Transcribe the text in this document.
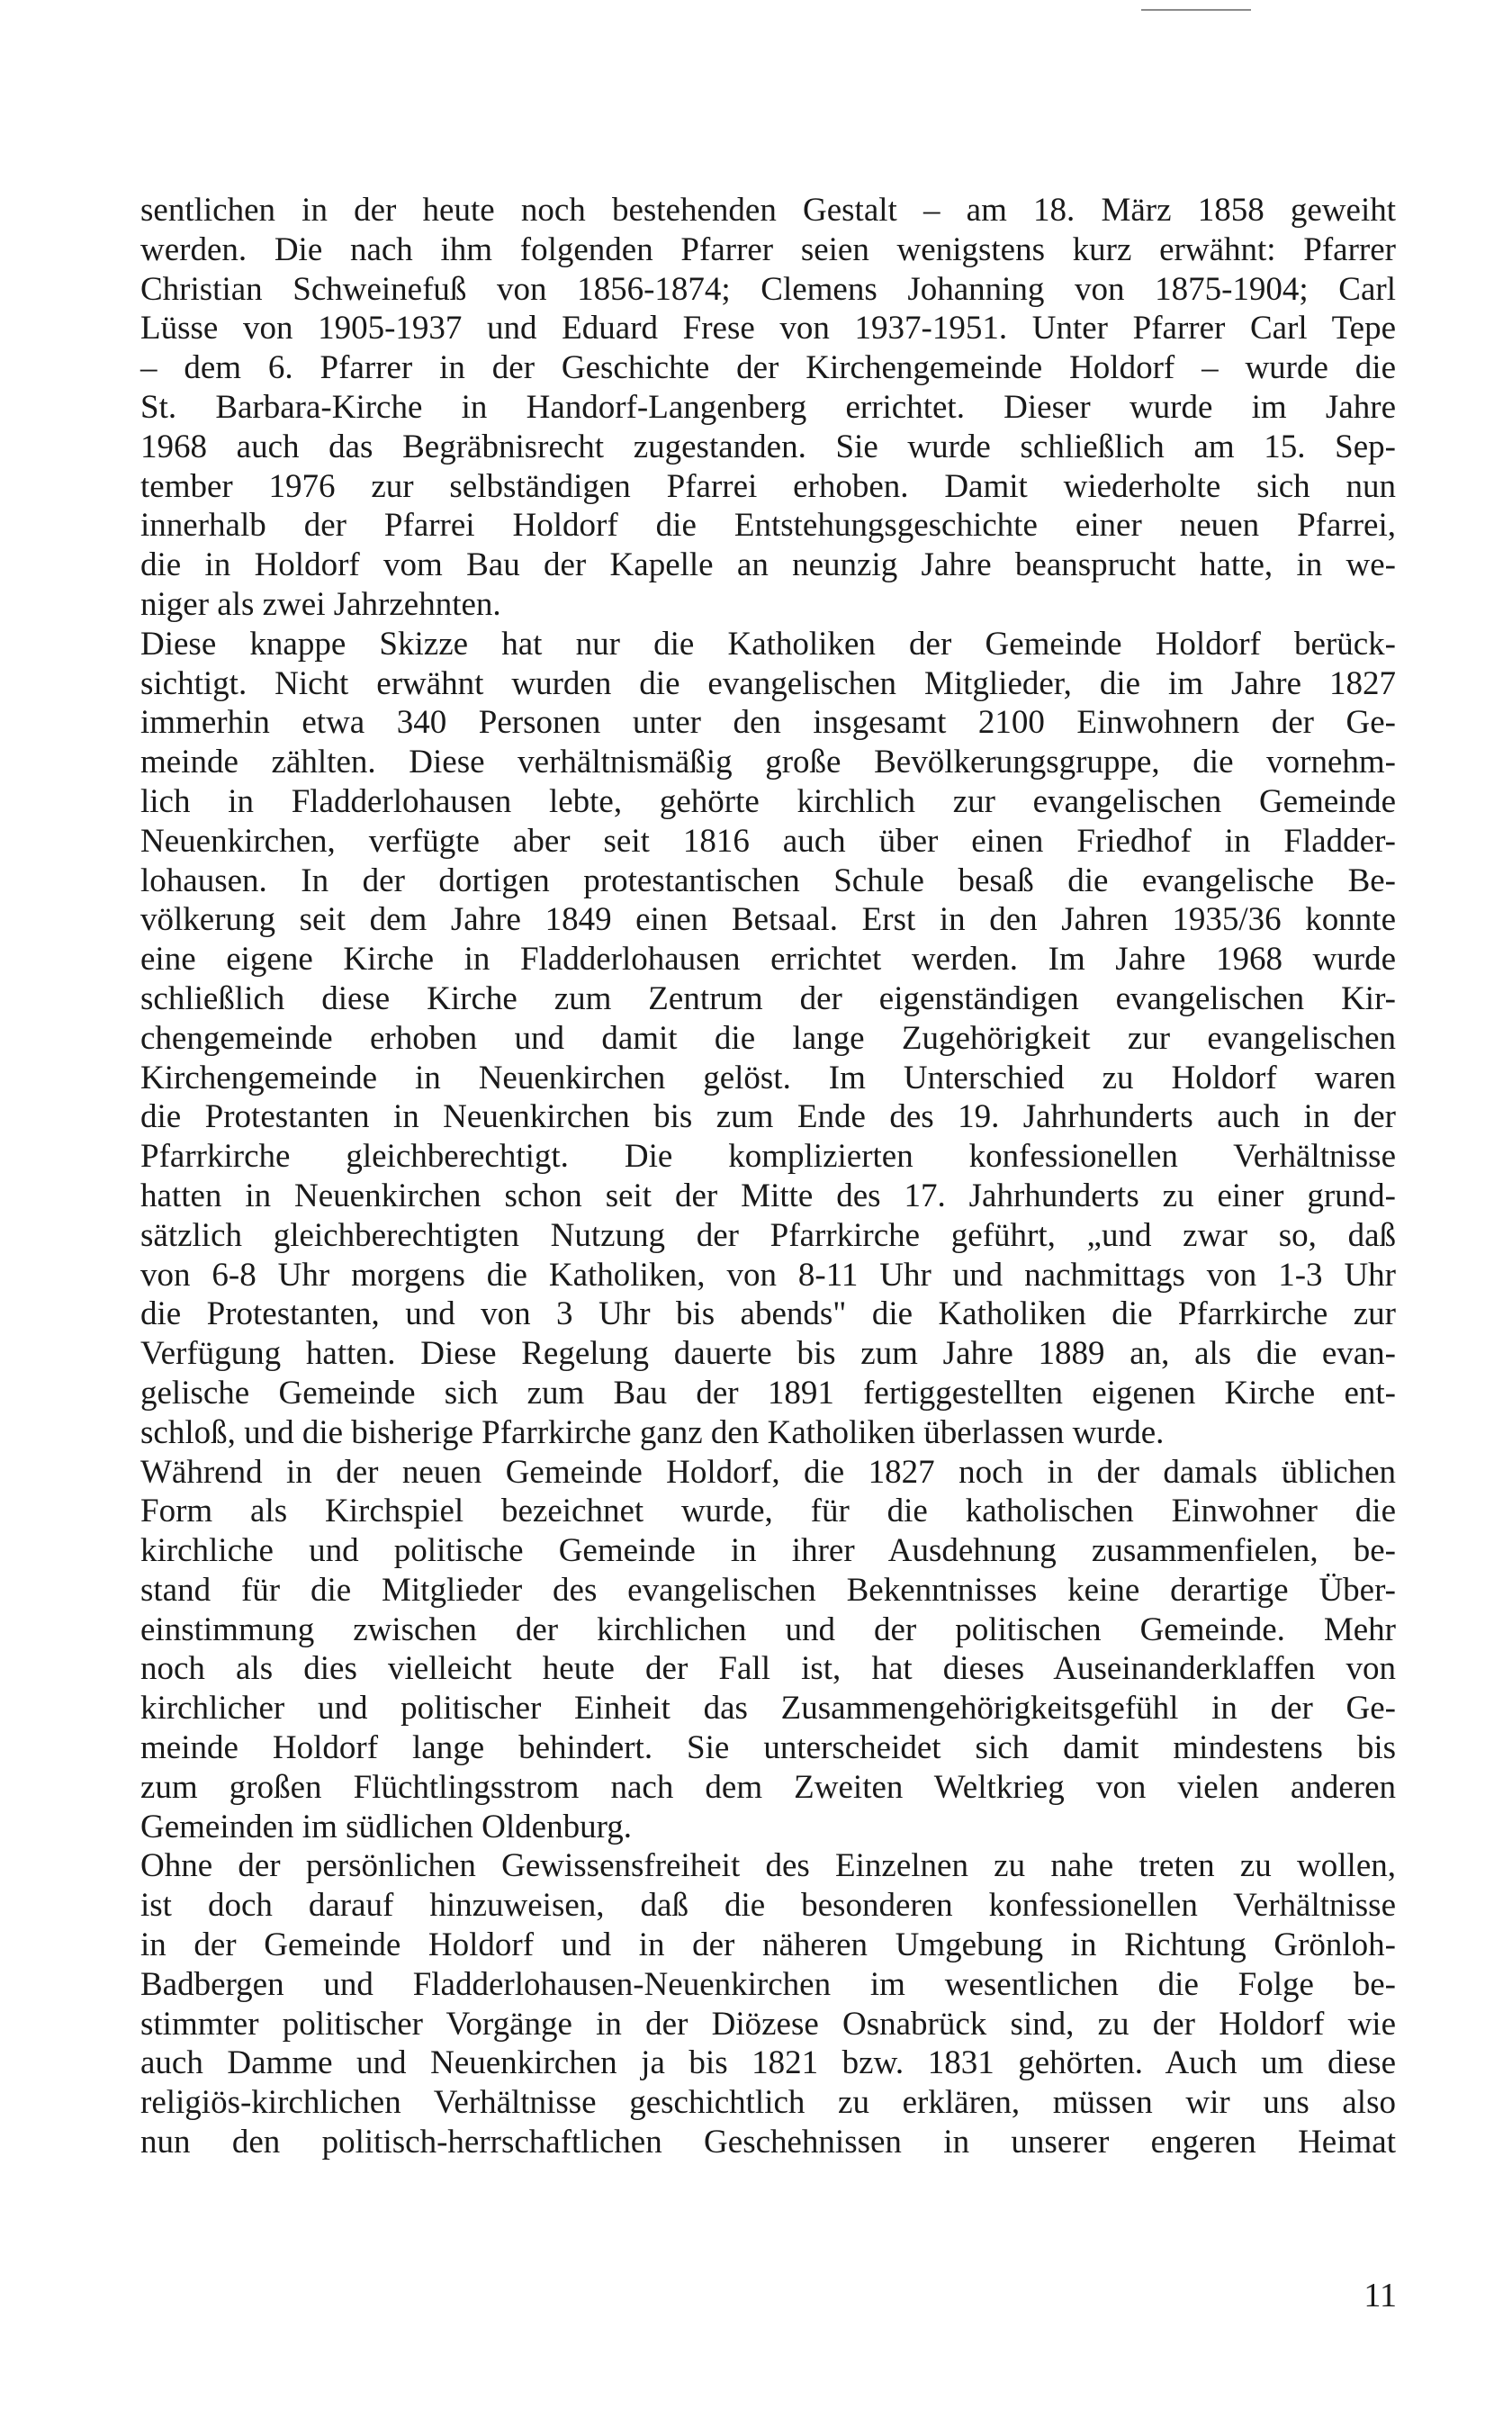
sentlichen in der heute noch bestehenden Gestalt – am 18. März 1858 geweiht
werden. Die nach ihm folgenden Pfarrer seien wenigstens kurz erwähnt: Pfarrer
Christian Schweinefuß von 1856-1874; Clemens Johanning von 1875-1904; Carl
Lüsse von 1905-1937 und Eduard Frese von 1937-1951. Unter Pfarrer Carl Tepe
– dem 6. Pfarrer in der Geschichte der Kirchengemeinde Holdorf – wurde die
St. Barbara-Kirche in Handorf-Langenberg errichtet. Dieser wurde im Jahre
1968 auch das Begräbnisrecht zugestanden. Sie wurde schließlich am 15. Sep-
tember 1976 zur selbständigen Pfarrei erhoben. Damit wiederholte sich nun
innerhalb der Pfarrei Holdorf die Entstehungsgeschichte einer neuen Pfarrei,
die in Holdorf vom Bau der Kapelle an neunzig Jahre beansprucht hatte, in we-
niger als zwei Jahrzehnten.
Diese knappe Skizze hat nur die Katholiken der Gemeinde Holdorf berück-
sichtigt. Nicht erwähnt wurden die evangelischen Mitglieder, die im Jahre 1827
immerhin etwa 340 Personen unter den insgesamt 2100 Einwohnern der Ge-
meinde zählten. Diese verhältnismäßig große Bevölkerungsgruppe, die vornehm-
lich in Fladderlohausen lebte, gehörte kirchlich zur evangelischen Gemeinde
Neuenkirchen, verfügte aber seit 1816 auch über einen Friedhof in Fladder-
lohausen. In der dortigen protestantischen Schule besaß die evangelische Be-
völkerung seit dem Jahre 1849 einen Betsaal. Erst in den Jahren 1935/36 konnte
eine eigene Kirche in Fladderlohausen errichtet werden. Im Jahre 1968 wurde
schließlich diese Kirche zum Zentrum der eigenständigen evangelischen Kir-
chengemeinde erhoben und damit die lange Zugehörigkeit zur evangelischen
Kirchengemeinde in Neuenkirchen gelöst. Im Unterschied zu Holdorf waren
die Protestanten in Neuenkirchen bis zum Ende des 19. Jahrhunderts auch in der
Pfarrkirche gleichberechtigt. Die komplizierten konfessionellen Verhältnisse
hatten in Neuenkirchen schon seit der Mitte des 17. Jahrhunderts zu einer grund-
sätzlich gleichberechtigten Nutzung der Pfarrkirche geführt, „und zwar so, daß
von 6-8 Uhr morgens die Katholiken, von 8-11 Uhr und nachmittags von 1-3 Uhr
die Protestanten, und von 3 Uhr bis abends" die Katholiken die Pfarrkirche zur
Verfügung hatten. Diese Regelung dauerte bis zum Jahre 1889 an, als die evan-
gelische Gemeinde sich zum Bau der 1891 fertiggestellten eigenen Kirche ent-
schloß, und die bisherige Pfarrkirche ganz den Katholiken überlassen wurde.
Während in der neuen Gemeinde Holdorf, die 1827 noch in der damals üblichen
Form als Kirchspiel bezeichnet wurde, für die katholischen Einwohner die
kirchliche und politische Gemeinde in ihrer Ausdehnung zusammenfielen, be-
stand für die Mitglieder des evangelischen Bekenntnisses keine derartige Über-
einstimmung zwischen der kirchlichen und der politischen Gemeinde. Mehr
noch als dies vielleicht heute der Fall ist, hat dieses Auseinanderklaffen von
kirchlicher und politischer Einheit das Zusammengehörigkeitsgefühl in der Ge-
meinde Holdorf lange behindert. Sie unterscheidet sich damit mindestens bis
zum großen Flüchtlingsstrom nach dem Zweiten Weltkrieg von vielen anderen
Gemeinden im südlichen Oldenburg.
Ohne der persönlichen Gewissensfreiheit des Einzelnen zu nahe treten zu wollen,
ist doch darauf hinzuweisen, daß die besonderen konfessionellen Verhältnisse
in der Gemeinde Holdorf und in der näheren Umgebung in Richtung Grönloh-
Badbergen und Fladderlohausen-Neuenkirchen im wesentlichen die Folge be-
stimmter politischer Vorgänge in der Diözese Osnabrück sind, zu der Holdorf wie
auch Damme und Neuenkirchen ja bis 1821 bzw. 1831 gehörten. Auch um diese
religiös-kirchlichen Verhältnisse geschichtlich zu erklären, müssen wir uns also
nun den politisch-herrschaftlichen Geschehnissen in unserer engeren Heimat
11
